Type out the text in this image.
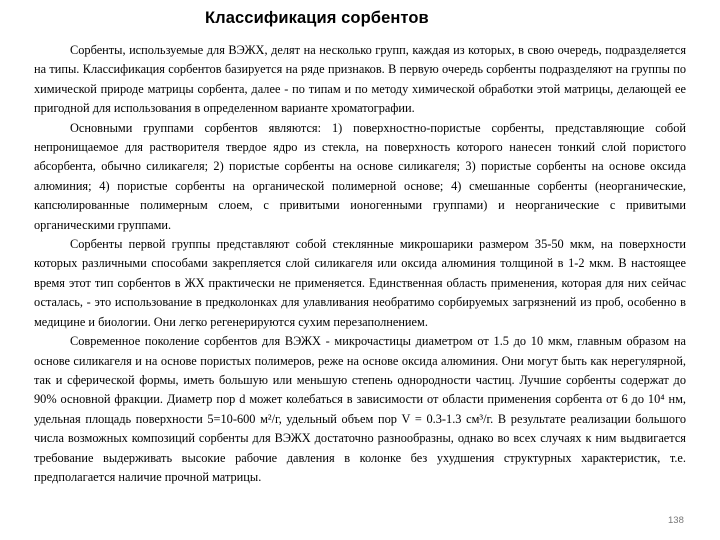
Классификация сорбентов

Сорбенты, используемые для ВЭЖХ, делят на несколько групп, каждая из которых, в свою очередь, подразделяется на типы. Классификация сорбентов базируется на ряде признаков. В первую очередь сорбенты подразделяют на группы по химической природе матрицы сорбента, далее - по типам и по методу химической обработки этой матрицы, делающей ее пригодной для использования в определенном варианте хроматографии.

Основными группами сорбентов являются: 1) поверхностно-пористые сорбенты, представляющие собой непронищаемое для растворителя твердое ядро из стекла, на поверхность которого нанесен тонкий слой пористого абсорбента, обычно силикагеля; 2) пористые сорбенты на основе силикагеля; 3) пористые сорбенты на основе оксида алюминия; 4) пористые сорбенты на органической полимерной основе; 4) смешанные сорбенты (неорганические, капсюлированные полимерным слоем, с привитыми ионогенными группами) и неорганические с привитыми органическими группами.

Сорбенты первой группы представляют собой стеклянные микрошарики размером 35-50 мкм, на поверхности которых различными способами закрепляется слой силикагеля или оксида алюминия толщиной в 1-2 мкм. В настоящее время этот тип сорбентов в ЖХ практически не применяется. Единственная область применения, которая для них сейчас осталась, - это использование в предколонках для улавливания необратимо сорбируемых загрязнений из проб, особенно в медицине и биологии. Они легко регенерируются сухим перезаполнением.

Современное поколение сорбентов для ВЭЖХ - микрочастицы диаметром от 1.5 до 10 мкм, главным образом на основе силикагеля и на основе пористых полимеров, реже на основе оксида алюминия. Они могут быть как нерегулярной, так и сферической формы, иметь большую или меньшую степень однородности частиц. Лучшие сорбенты содержат до 90% основной фракции. Диаметр пор d может колебаться в зависимости от области применения сорбента от 6 до 10⁴ нм, удельная площадь поверхности 5=10-600 м²/г, удельный объем пор V = 0.3-1.3 см³/г. В результате реализации большого числа возможных композиций сорбенты для ВЭЖХ достаточно разнообразны, однако во всех случаях к ним выдвигается требование выдерживать высокие рабочие давления в колонке без ухудшения структурных характеристик, т.е. предполагается наличие прочной матрицы.

138
